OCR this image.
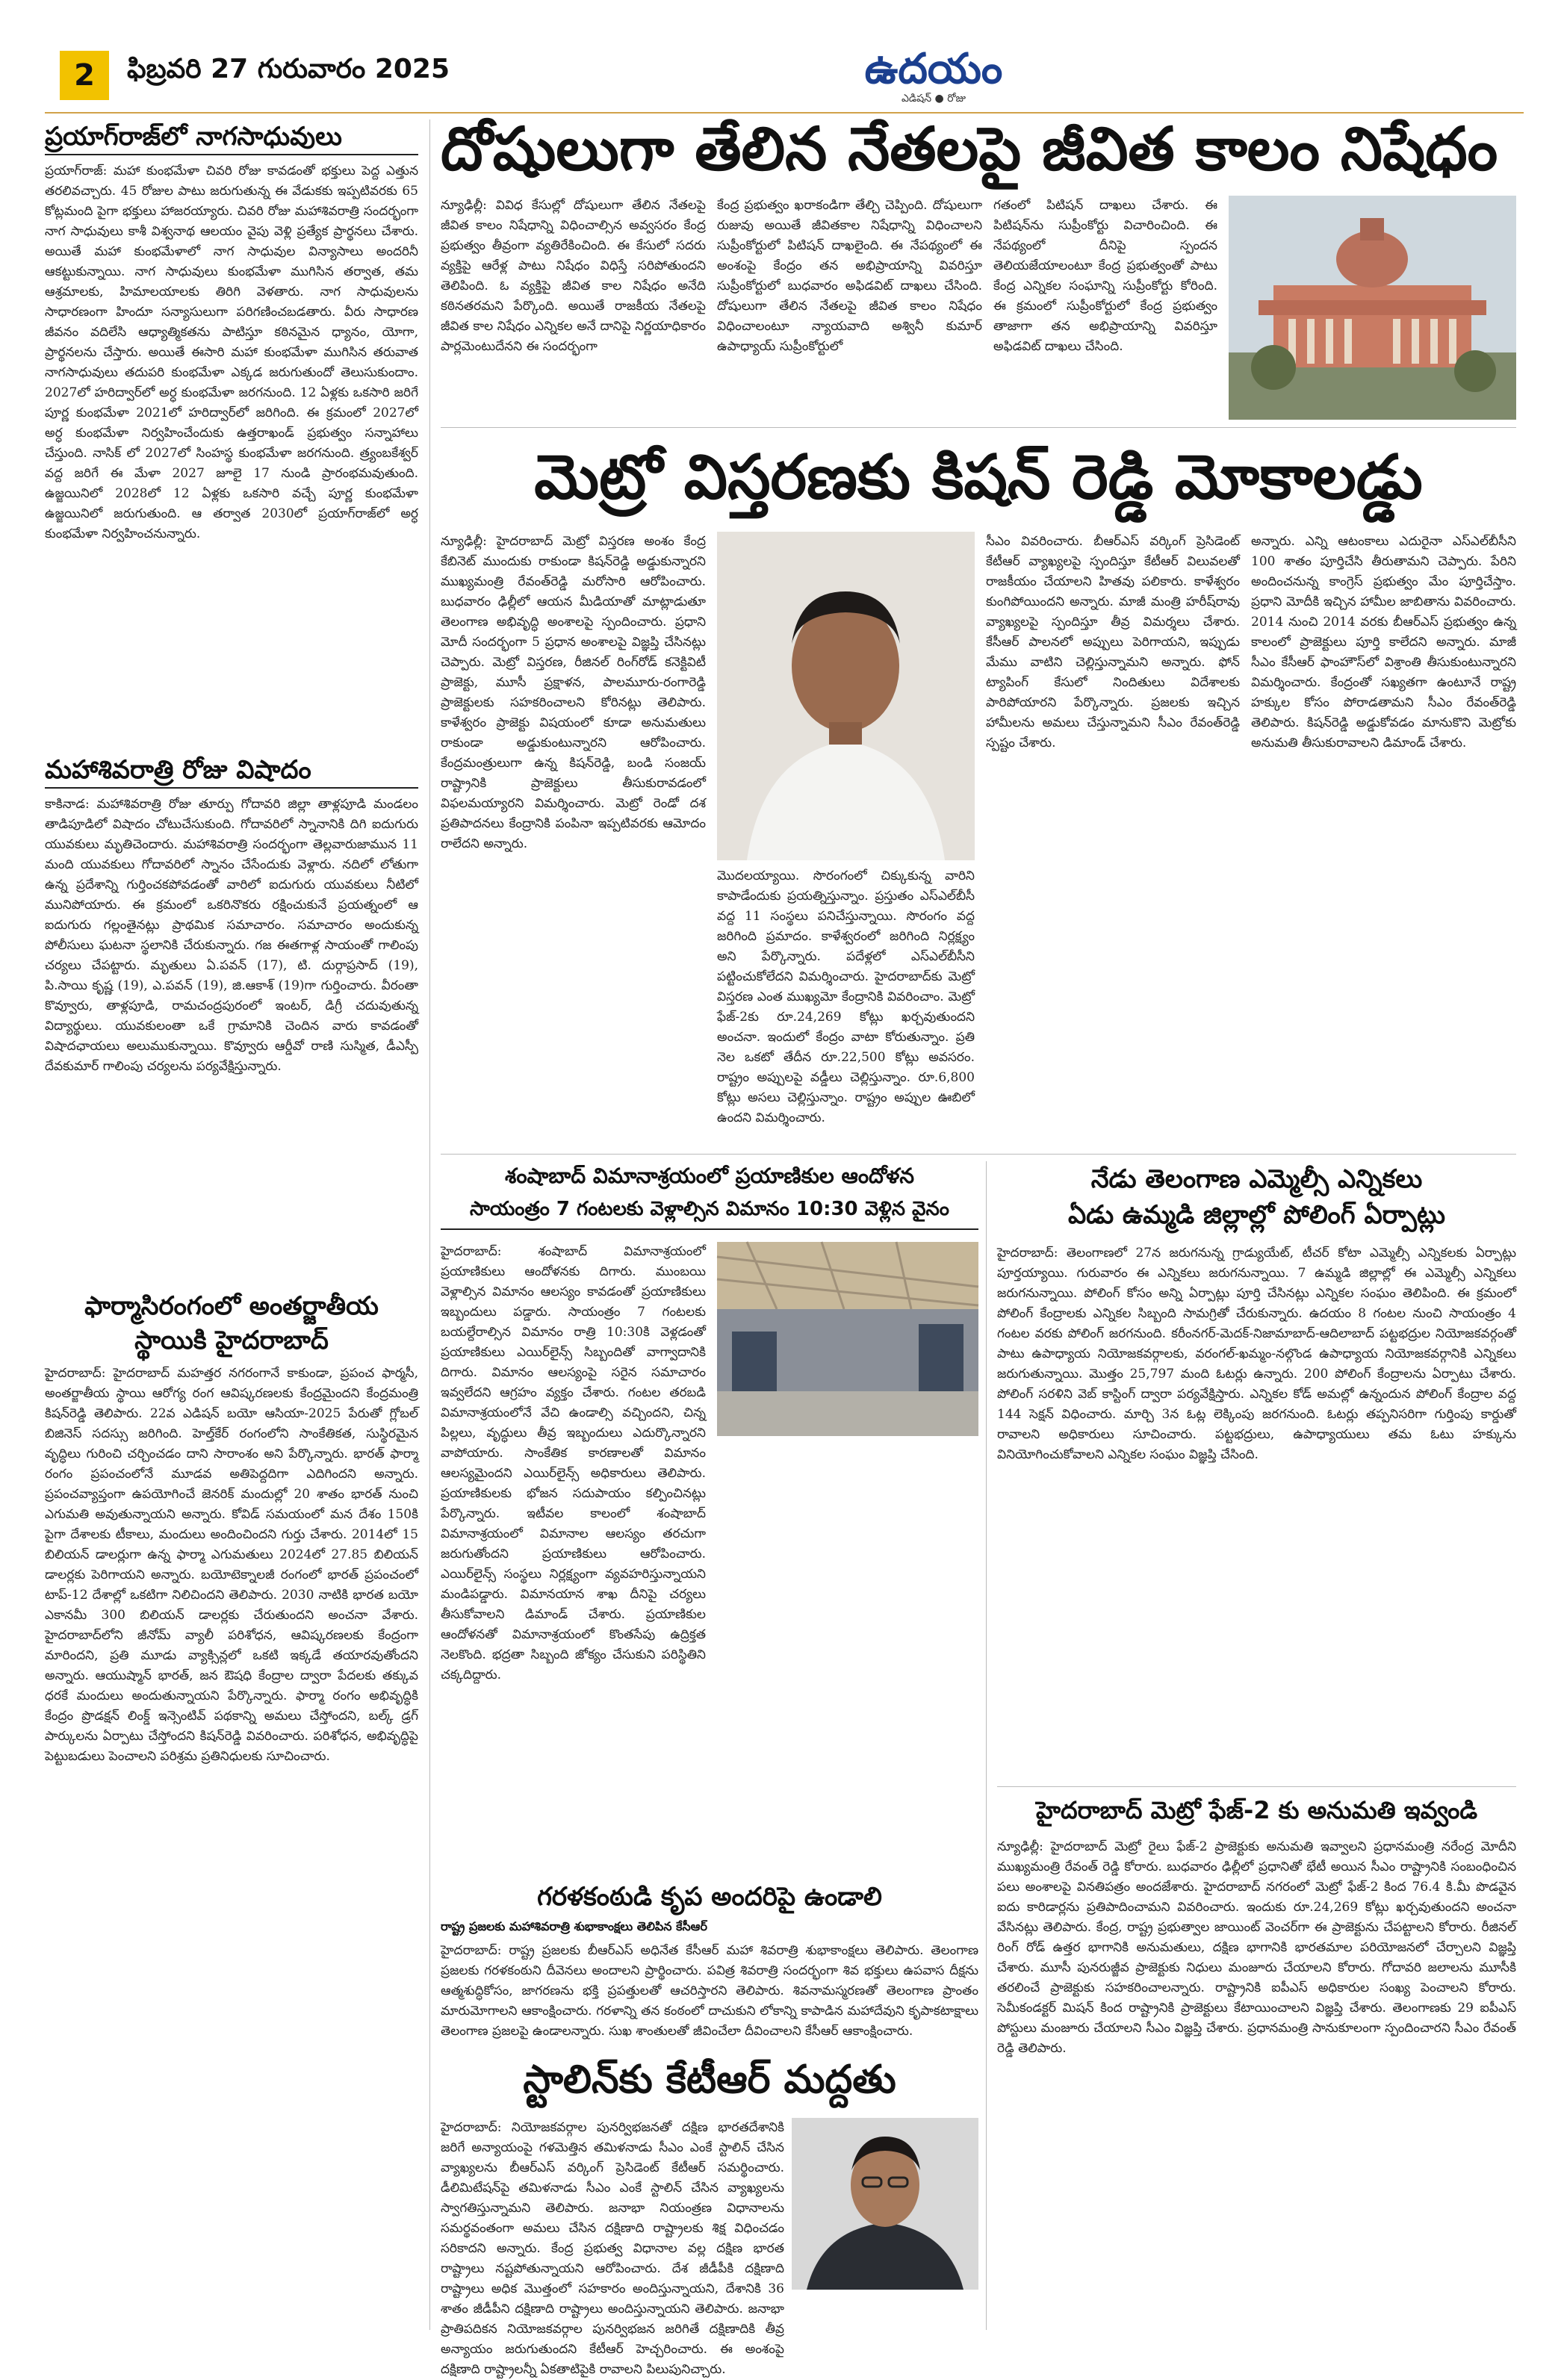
2	ఫిబ్రవరి 27 గురువారం 2025	ఉదయం
ఎడిషన్ ● రోజు
ప్రయాగ్‌రాజ్‌లో నాగసాధువులు

ప్రయాగ్‌రాజ్: మహా కుంభమేళా చివరి రోజు కావడంతో భక్తులు పెద్ద ఎత్తున తరలివచ్చారు. 45 రోజుల పాటు జరుగుతున్న ఈ వేడుకకు ఇప్పటివరకు 65 కోట్లమంది పైగా భక్తులు హాజరయ్యారు. చివరి రోజు మహాశివరాత్రి సందర్భంగా నాగ సాధువులు కాశీ విశ్వనాథ ఆలయం వైపు వెళ్లి ప్రత్యేక ప్రార్థనలు చేశారు. అయితే మహా కుంభమేళాలో నాగ సాధువుల విన్యాసాలు అందరినీ ఆకట్టుకున్నాయి. నాగ సాధువులు కుంభమేళా ముగిసిన తర్వాత, తమ ఆశ్రమాలకు, హిమాలయాలకు తిరిగి వెళతారు. నాగ సాధువులను సాధారణంగా హిందూ సన్యాసులుగా పరిగణించబడతారు. వీరు సాధారణ జీవనం వదిలేసి ఆధ్యాత్మికతను పాటిస్తూ కఠినమైన ధ్యానం, యోగా, ప్రార్థనలను చేస్తారు. అయితే ఈసారి మహా కుంభమేళా ముగిసిన తరువాత నాగసాధువులు తదుపరి కుంభమేళా ఎక్కడ జరుగుతుందో తెలుసుకుందాం. 2027లో హరిద్వార్‌లో అర్ధ కుంభమేళా జరగనుంది. 12 ఏళ్లకు ఒకసారి జరిగే పూర్ణ కుంభమేళా 2021లో హరిద్వార్‌లో జరిగింది. ఈ క్రమంలో 2027లో అర్ధ కుంభమేళా నిర్వహించేందుకు ఉత్తరాఖండ్ ప్రభుత్వం సన్నాహాలు చేస్తుంది. నాసిక్ ‌లో 2027లో సింహస్థ కుంభమేళా జరగనుంది. త్ర్యంబకేశ్వర్ వద్ద జరిగే ఈ మేళా 2027 జూలై 17 నుండి ప్రారంభమవుతుంది. ఉజ్జయినిలో 2028లో 12 ఏళ్లకు ఒకసారి వచ్చే పూర్ణ కుంభమేళా ఉజ్జయినిలో జరుగుతుంది. ఆ తర్వాత 2030లో ప్రయాగ్‌రాజ్‌లో అర్ధ కుంభమేళా నిర్వహించనున్నారు.

మహాశివరాత్రి రోజు విషాదం

కాకినాడ: మహాశివరాత్రి రోజు తూర్పు గోదావరి జిల్లా తాళ్లపూడి మండలం తాడిపూడిలో విషాదం చోటుచేసుకుంది. గోదావరిలో స్నానానికి దిగి ఐదుగురు యువకులు మృతిచెందారు. మహాశివరాత్రి సందర్భంగా తెల్లవారుజామున 11 మంది యువకులు గోదావరిలో స్నానం చేసేందుకు వెళ్లారు. నదిలో లోతుగా ఉన్న ప్రదేశాన్ని గుర్తించకపోవడంతో వారిలో ఐదుగురు యువకులు నీటిలో మునిపోయారు. ఈ క్రమంలో ఒకరినొకరు రక్షించుకునే ప్రయత్నంలో ఆ ఐదుగురు గల్లంతైనట్లు ప్రాథమిక సమాచారం. సమాచారం అందుకున్న పోలీసులు ఘటనా స్థలానికి చేరుకున్నారు. గజ ఈతగాళ్ల సాయంతో గాలింపు చర్యలు చేపట్టారు. మృతులు ఏ.పవన్ (17), టి. దుర్గాప్రసాద్ (19), పి.సాయి కృష్ణ (19), ఎ.పవన్ (19), జి.ఆకాశ్ (19)గా గుర్తించారు. వీరంతా కొవ్వూరు, తాళ్లపూడి, రామచంద్రపురంలో ఇంటర్, డిగ్రీ చదువుతున్న విద్యార్థులు. యువకులంతా ఒకే గ్రామానికి చెందిన వారు కావడంతో విషాదఛాయలు అలుముకున్నాయి. కొవ్వూరు ఆర్డీవో రాణి సుస్మిత, డీఎస్పీ దేవకుమార్ గాలింపు చర్యలను పర్యవేక్షిస్తున్నారు.

ఫార్మాసిరంగంలో అంతర్జాతీయ స్థాయికి హైదరాబాద్

హైదరాబాద్: హైదరాబాద్ మహత్తర నగరంగానే కాకుండా, ప్రపంచ ఫార్మసీ, అంతర్జాతీయ స్థాయి ఆరోగ్య రంగ ఆవిష్కరణలకు కేంద్రమైందని కేంద్రమంత్రి కిషన్‌రెడ్డి తెలిపారు. 22వ ఎడిషన్ బయో ఆసియా-2025 పేరుతో గ్లోబల్ బిజినెస్ సదస్సు జరిగింది. హెల్త్‌కేర్ రంగంలోని సాంకేతికత, సుస్థిరమైన వృద్ధిలు గురించి చర్చించడం దాని సారాంశం అని పేర్కొన్నారు. భారత్ ఫార్మా రంగం ప్రపంచంలోనే మూడవ అతిపెద్దదిగా ఎదిగిందని అన్నారు. ప్రపంచవ్యాప్తంగా ఉపయోగించే జెనరిక్ మందుల్లో 20 శాతం భారత్ నుంచి ఎగుమతి అవుతున్నాయని అన్నారు. కోవిడ్ సమయంలో మన దేశం 150కి పైగా దేశాలకు టీకాలు, మందులు అందించిందని గుర్తు చేశారు. 2014లో 15 బిలియన్ డాలర్లుగా ఉన్న ఫార్మా ఎగుమతులు 2024లో 27.85 బిలియన్ డాలర్లకు పెరిగాయని అన్నారు. బయోటెక్నాలజీ రంగంలో భారత్ ప్రపంచంలో టాప్-12 దేశాల్లో ఒకటిగా నిలిచిందని తెలిపారు. 2030 నాటికి భారత బయో ఎకానమీ 300 బిలియన్ డాలర్లకు చేరుతుందని అంచనా వేశారు. హైదరాబాద్‌లోని జీనోమ్ వ్యాలీ పరిశోధన, ఆవిష్కరణలకు కేంద్రంగా మారిందని, ప్రతి మూడు వ్యాక్సిన్లలో ఒకటి ఇక్కడే తయారవుతోందని అన్నారు. ఆయుష్మాన్ భారత్, జన ఔషధి కేంద్రాల ద్వారా పేదలకు తక్కువ ధరకే మందులు అందుతున్నాయని పేర్కొన్నారు. ఫార్మా రంగం అభివృద్ధికి కేంద్రం ప్రొడక్షన్ లింక్డ్ ఇన్సెంటివ్ పథకాన్ని అమలు చేస్తోందని, బల్క్ డ్రగ్ పార్కులను ఏర్పాటు చేస్తోందని కిషన్‌రెడ్డి వివరించారు. పరిశోధన, అభివృద్ధిపై పెట్టుబడులు పెంచాలని పరిశ్రమ ప్రతినిధులకు సూచించారు.

దోషులుగా తేలిన నేతలపై జీవిత కాలం నిషేధం

న్యూఢిల్లీ: వివిధ కేసుల్లో దోషులుగా తేలిన నేతలపై జీవిత కాలం నిషేధాన్ని విధించాల్సిన అవ్వసరం కేంద్ర ప్రభుత్వం తీవ్రంగా వ్యతిరేకించింది. ఈ కేసులో సదరు వ్యక్తిపై ఆరేళ్ల పాటు నిషేధం విధిస్తే సరిపోతుందని తెలిపింది. ఓ వ్యక్తిపై జీవిత కాల నిషేధం అనేది కఠినతరమని పేర్కొంది. అయితే రాజకీయ నేతలపై జీవిత కాల నిషేధం ఎన్నికల అనే దానిపై నిర్ణయాధికారం పార్లమెంటుదేనని ఈ సందర్భంగా

కేంద్ర ప్రభుత్వం ఖరాకండిగా తేల్చి చెప్పింది. దోషులుగా రుజువు అయితే జీవితకాల నిషేధాన్ని విధించాలని సుప్రీంకోర్టులో పిటిషన్ దాఖలైంది. ఈ నేపథ్యంలో ఈ అంశంపై కేంద్రం తన అభిప్రాయాన్ని వివరిస్తూ సుప్రీంకోర్టులో బుధవారం అఫిడవిట్ దాఖలు చేసింది. దోషులుగా తేలిన నేతలపై జీవిత కాలం నిషేధం విధించాలంటూ న్యాయవాది అశ్వినీ కుమార్ ఉపాధ్యాయ్ సుప్రీంకోర్టులో

గతంలో పిటిషన్ దాఖలు చేశారు. ఈ పిటిషన్‌ను సుప్రీంకోర్టు విచారించింది. ఈ నేపథ్యంలో దీనిపై స్పందన తెలియజేయాలంటూ కేంద్ర ప్రభుత్వంతో పాటు కేంద్ర ఎన్నికల సంఘాన్ని సుప్రీంకోర్టు కోరింది. ఈ క్రమంలో సుప్రీంకోర్టులో కేంద్ర ప్రభుత్వం తాజాగా తన అభిప్రాయాన్ని వివరిస్తూ అఫిడవిట్ దాఖలు చేసింది.

మెట్రో విస్తరణకు కిషన్ రెడ్డి మోకాలడ్డు

న్యూఢిల్లీ: హైదరాబాద్ మెట్రో విస్తరణ అంశం కేంద్ర కేబినెట్ ముందుకు రాకుండా కిషన్‌రెడ్డి అడ్డుకున్నారని ముఖ్యమంత్రి రేవంత్‌రెడ్డి మరోసారి ఆరోపించారు. బుధవారం ఢిల్లీలో ఆయన మీడియాతో మాట్లాడుతూ తెలంగాణ అభివృద్ధి అంశాలపై స్పందించారు. ప్రధాని మోదీ సందర్భంగా 5 ప్రధాన అంశాలపై విజ్ఞప్తి చేసినట్లు చెప్పారు. మెట్రో విస్తరణ, రీజినల్ రింగ్‌రోడ్ కనెక్టివిటీ ప్రాజెక్టు, మూసీ ప్రక్షాళన, పాలమూరు-రంగారెడ్డి ప్రాజెక్టులకు సహకరించాలని కోరినట్లు తెలిపారు. కాళేశ్వరం ప్రాజెక్టు విషయంలో కూడా అనుమతులు రాకుండా అడ్డుకుంటున్నారని ఆరోపించారు. కేంద్రమంత్రులుగా ఉన్న కిషన్‌రెడ్డి, బండి సంజయ్ రాష్ట్రానికి ప్రాజెక్టులు తీసుకురావడంలో విఫలమయ్యారని విమర్శించారు. మెట్రో రెండో దశ ప్రతిపాదనలు కేంద్రానికి పంపినా ఇప్పటివరకు ఆమోదం రాలేదని అన్నారు.

మొదలయ్యాయి. సొరంగంలో చిక్కుకున్న వారిని కాపాడేందుకు ప్రయత్నిస్తున్నాం. ప్రస్తుతం ఎస్ఎల్‌బీసీ వద్ద 11 సంస్థలు పనిచేస్తున్నాయి. సొరంగం వద్ద జరిగింది ప్రమాదం. కాళేశ్వరంలో జరిగింది నిర్లక్ష్యం అని పేర్కొన్నారు. పదేళ్లలో ఎస్ఎల్‌బీసీని పట్టించుకోలేదని విమర్శించారు. హైదరాబాద్‌కు మెట్రో విస్తరణ ఎంత ముఖ్యమో కేంద్రానికి వివరించాం. మెట్రో ఫేజ్-2కు రూ.24,269 కోట్లు ఖర్చవుతుందని అంచనా. ఇందులో కేంద్రం వాటా కోరుతున్నాం. ప్రతి నెల ఒకటో తేదీన రూ.22,500 కోట్లు అవసరం. రాష్ట్రం అప్పులపై వడ్డీలు చెల్లిస్తున్నాం. రూ.6,800 కోట్లు అసలు చెల్లిస్తున్నాం. రాష్ట్రం అప్పుల ఊబిలో ఉందని విమర్శించారు.

సీఎం వివరించారు. బీఆర్ఎస్ వర్కింగ్ ప్రెసిడెంట్ కేటీఆర్ వ్యాఖ్యలపై స్పందిస్తూ కేటీఆర్ విలువలతో రాజకీయం చేయాలని హితవు పలికారు. కాళేశ్వరం కుంగిపోయిందని అన్నారు. మాజీ మంత్రి హరీష్‌రావు వ్యాఖ్యలపై స్పందిస్తూ తీవ్ర విమర్శలు చేశారు. కేసీఆర్ పాలనలో అప్పులు పెరిగాయని, ఇప్పుడు మేము వాటిని చెల్లిస్తున్నామని అన్నారు. ఫోన్ ట్యాపింగ్ కేసులో నిందితులు విదేశాలకు పారిపోయారని పేర్కొన్నారు. ప్రజలకు ఇచ్చిన హామీలను అమలు చేస్తున్నామని సీఎం రేవంత్‌రెడ్డి స్పష్టం చేశారు.

అన్నారు. ఎన్ని ఆటంకాలు ఎదురైనా ఎస్ఎల్‌బీసీని 100 శాతం పూర్తిచేసి తీరుతామని చెప్పారు. పేరిని అందించనున్న కాంగ్రెస్ ప్రభుత్వం మేం పూర్తిచేస్తాం. ప్రధాని మోదీకి ఇచ్చిన హామీల జాబితాను వివరించారు. 2014 నుంచి 2014 వరకు బీఆర్ఎస్ ప్రభుత్వం ఉన్న కాలంలో ప్రాజెక్టులు పూర్తి కాలేదని అన్నారు. మాజీ సీఎం కేసీఆర్ ఫాంహౌస్‌లో విశ్రాంతి తీసుకుంటున్నారని విమర్శించారు. కేంద్రంతో సఖ్యతగా ఉంటూనే రాష్ట్ర హక్కుల కోసం పోరాడతామని సీఎం రేవంత్‌రెడ్డి తెలిపారు. కిషన్‌రెడ్డి అడ్డుకోవడం మానుకొని మెట్రోకు అనుమతి తీసుకురావాలని డిమాండ్ చేశారు.

శంషాబాద్ విమానాశ్రయంలో ప్రయాణికుల ఆందోళన
సాయంత్రం 7 గంటలకు వెళ్లాల్సిన విమానం 10:30 వెళ్లిన వైనం

హైదరాబాద్: శంషాబాద్ విమానాశ్రయంలో ప్రయాణికులు ఆందోళనకు దిగారు. ముంబయి వెళ్లాల్సిన విమానం ఆలస్యం కావడంతో ప్రయాణికులు ఇబ్బందులు పడ్డారు. సాయంత్రం 7 గంటలకు బయల్దేరాల్సిన విమానం రాత్రి 10:30కి వెళ్లడంతో ప్రయాణికులు ఎయిర్‌లైన్స్ సిబ్బందితో వాగ్వాదానికి దిగారు. విమానం ఆలస్యంపై సరైన సమాచారం ఇవ్వలేదని ఆగ్రహం వ్యక్తం చేశారు. గంటల తరబడి విమానాశ్రయంలోనే వేచి ఉండాల్సి వచ్చిందని, చిన్న పిల్లలు, వృద్ధులు తీవ్ర ఇబ్బందులు ఎదుర్కొన్నారని వాపోయారు. సాంకేతిక కారణాలతో విమానం ఆలస్యమైందని ఎయిర్‌లైన్స్ అధికారులు తెలిపారు. ప్రయాణికులకు భోజన సదుపాయం కల్పించినట్లు పేర్కొన్నారు. ఇటీవల కాలంలో శంషాబాద్ విమానాశ్రయంలో విమానాల ఆలస్యం తరచుగా జరుగుతోందని ప్రయాణికులు ఆరోపించారు. ఎయిర్‌లైన్స్ సంస్థలు నిర్లక్ష్యంగా వ్యవహరిస్తున్నాయని మండిపడ్డారు. విమానయాన శాఖ దీనిపై చర్యలు తీసుకోవాలని డిమాండ్ చేశారు. ప్రయాణికుల ఆందోళనతో విమానాశ్రయంలో కొంతసేపు ఉద్రిక్తత నెలకొంది. భద్రతా సిబ్బంది జోక్యం చేసుకుని పరిస్థితిని చక్కదిద్దారు.

గరళకంఠుడి కృప అందరిపై ఉండాలి

రాష్ట్ర ప్రజలకు మహాశివరాత్రి శుభాకాంక్షలు తెలిపిన కేసీఆర్

హైదరాబాద్: రాష్ట్ర ప్రజలకు బీఆర్ఎస్ అధినేత కేసీఆర్ మహా శివరాత్రి శుభాకాంక్షలు తెలిపారు. తెలంగాణ ప్రజలకు గరళకంఠుని దీవెనలు అందాలని ప్రార్థించారు. పవిత్ర శివరాత్రి సందర్భంగా శివ భక్తులు ఉపవాస దీక్షను ఆత్మశుద్ధికోసం, జాగరణను భక్తి ప్రపత్తులతో ఆచరిస్తారని తెలిపారు. శివనామస్మరణతో తెలంగాణ ప్రాంతం మారుమోగాలని ఆకాంక్షించారు. గరళాన్ని తన కంఠంలో దాచుకుని లోకాన్ని కాపాడిన మహాదేవుని కృపాకటాక్షాలు తెలంగాణ ప్రజలపై ఉండాలన్నారు. సుఖ శాంతులతో జీవించేలా దీవించాలని కేసీఆర్ ఆకాంక్షించారు.

స్టాలిన్‌కు కేటీఆర్ మద్దతు

హైదరాబాద్: నియోజకవర్గాల పునర్విభజనతో దక్షిణ భారతదేశానికి జరిగే అన్యాయంపై గళమెత్తిన తమిళనాడు సీఎం ఎంకే స్టాలిన్ చేసిన వ్యాఖ్యలను బీఆర్ఎస్ వర్కింగ్ ప్రెసిడెంట్ కేటీఆర్ సమర్థించారు. డీలిమిటేషన్‌పై తమిళనాడు సీఎం ఎంకే స్టాలిన్ చేసిన వ్యాఖ్యలను స్వాగతిస్తున్నామని తెలిపారు. జనాభా నియంత్రణ విధానాలను సమర్థవంతంగా అమలు చేసిన దక్షిణాది రాష్ట్రాలకు శిక్ష విధించడం సరికాదని అన్నారు. కేంద్ర ప్రభుత్వ విధానాల వల్ల దక్షిణ భారత రాష్ట్రాలు నష్టపోతున్నాయని ఆరోపించారు. దేశ జీడీపీకి దక్షిణాది రాష్ట్రాలు అధిక మొత్తంలో సహకారం అందిస్తున్నాయని, దేశానికి 36 శాతం జీడీపీని దక్షిణాది రాష్ట్రాలు అందిస్తున్నాయని తెలిపారు. జనాభా ప్రాతిపదికన నియోజకవర్గాల పునర్విభజన జరిగితే దక్షిణాదికి తీవ్ర అన్యాయం జరుగుతుందని కేటీఆర్ హెచ్చరించారు. ఈ అంశంపై దక్షిణాది రాష్ట్రాలన్నీ ఏకతాటిపైకి రావాలని పిలుపునిచ్చారు.

నేడు తెలంగాణ ఎమ్మెల్సీ ఎన్నికలు
ఏడు ఉమ్మడి జిల్లాల్లో పోలింగ్ ఏర్పాట్లు

హైదరాబాద్: తెలంగాణలో 27న జరుగనున్న గ్రాడ్యుయేట్, టీచర్ కోటా ఎమ్మెల్సీ ఎన్నికలకు ఏర్పాట్లు పూర్తయ్యాయి. గురువారం ఈ ఎన్నికలు జరుగనున్నాయి. 7 ఉమ్మడి జిల్లాల్లో ఈ ఎమ్మెల్సీ ఎన్నికలు జరుగనున్నాయి. పోలింగ్ కోసం అన్ని ఏర్పాట్లు పూర్తి చేసినట్లు ఎన్నికల సంఘం తెలిపింది. ఈ క్రమంలో పోలింగ్ కేంద్రాలకు ఎన్నికల సిబ్బంది సామగ్రితో చేరుకున్నారు. ఉదయం 8 గంటల నుంచి సాయంత్రం 4 గంటల వరకు పోలింగ్ జరగనుంది. కరీంనగర్-మెదక్-నిజామాబాద్-ఆదిలాబాద్ పట్టభద్రుల నియోజకవర్గంతో పాటు ఉపాధ్యాయ నియోజకవర్గాలకు, వరంగల్-ఖమ్మం-నల్గొండ ఉపాధ్యాయ నియోజకవర్గానికి ఎన్నికలు జరుగుతున్నాయి. మొత్తం 25,797 మంది ఓటర్లు ఉన్నారు. 200 పోలింగ్ కేంద్రాలను ఏర్పాటు చేశారు. పోలింగ్ సరళిని వెబ్ కాస్టింగ్ ద్వారా పర్యవేక్షిస్తారు. ఎన్నికల కోడ్ అమల్లో ఉన్నందున పోలింగ్ కేంద్రాల వద్ద 144 సెక్షన్ విధించారు. మార్చి 3న ఓట్ల లెక్కింపు జరగనుంది. ఓటర్లు తప్పనిసరిగా గుర్తింపు కార్డుతో రావాలని అధికారులు సూచించారు. పట్టభద్రులు, ఉపాధ్యాయులు తమ ఓటు హక్కును వినియోగించుకోవాలని ఎన్నికల సంఘం విజ్ఞప్తి చేసింది.

హైదరాబాద్ మెట్రో ఫేజ్-2 కు అనుమతి ఇవ్వండి

న్యూఢిల్లీ: హైదరాబాద్ మెట్రో రైలు ఫేజ్-2 ప్రాజెక్టుకు అనుమతి ఇవ్వాలని ప్రధానమంత్రి నరేంద్ర మోదీని ముఖ్యమంత్రి రేవంత్ రెడ్డి కోరారు. బుధవారం ఢిల్లీలో ప్రధానితో భేటీ అయిన సీఎం రాష్ట్రానికి సంబంధించిన పలు అంశాలపై వినతిపత్రం అందజేశారు. హైదరాబాద్ నగరంలో మెట్రో ఫేజ్-2 కింద 76.4 కి.మీ పొడవైన ఐదు కారిడార్లను ప్రతిపాదించామని వివరించారు. ఇందుకు రూ.24,269 కోట్లు ఖర్చవుతుందని అంచనా వేసినట్లు తెలిపారు. కేంద్ర, రాష్ట్ర ప్రభుత్వాల జాయింట్ వెంచర్‌గా ఈ ప్రాజెక్టును చేపట్టాలని కోరారు. రీజినల్ రింగ్ రోడ్ ఉత్తర భాగానికి అనుమతులు, దక్షిణ భాగానికి భారతమాల పరియోజనలో చేర్చాలని విజ్ఞప్తి చేశారు. మూసీ పునరుజ్జీవ ప్రాజెక్టుకు నిధులు మంజూరు చేయాలని కోరారు. గోదావరి జలాలను మూసీకి తరలించే ప్రాజెక్టుకు సహకరించాలన్నారు. రాష్ట్రానికి ఐపీఎస్ అధికారుల సంఖ్య పెంచాలని కోరారు. సెమీకండక్టర్ మిషన్ కింద రాష్ట్రానికి ప్రాజెక్టులు కేటాయించాలని విజ్ఞప్తి చేశారు. తెలంగాణకు 29 ఐపీఎస్ పోస్టులు మంజూరు చేయాలని సీఎం విజ్ఞప్తి చేశారు. ప్రధానమంత్రి సానుకూలంగా స్పందించారని సీఎం రేవంత్ రెడ్డి తెలిపారు.
